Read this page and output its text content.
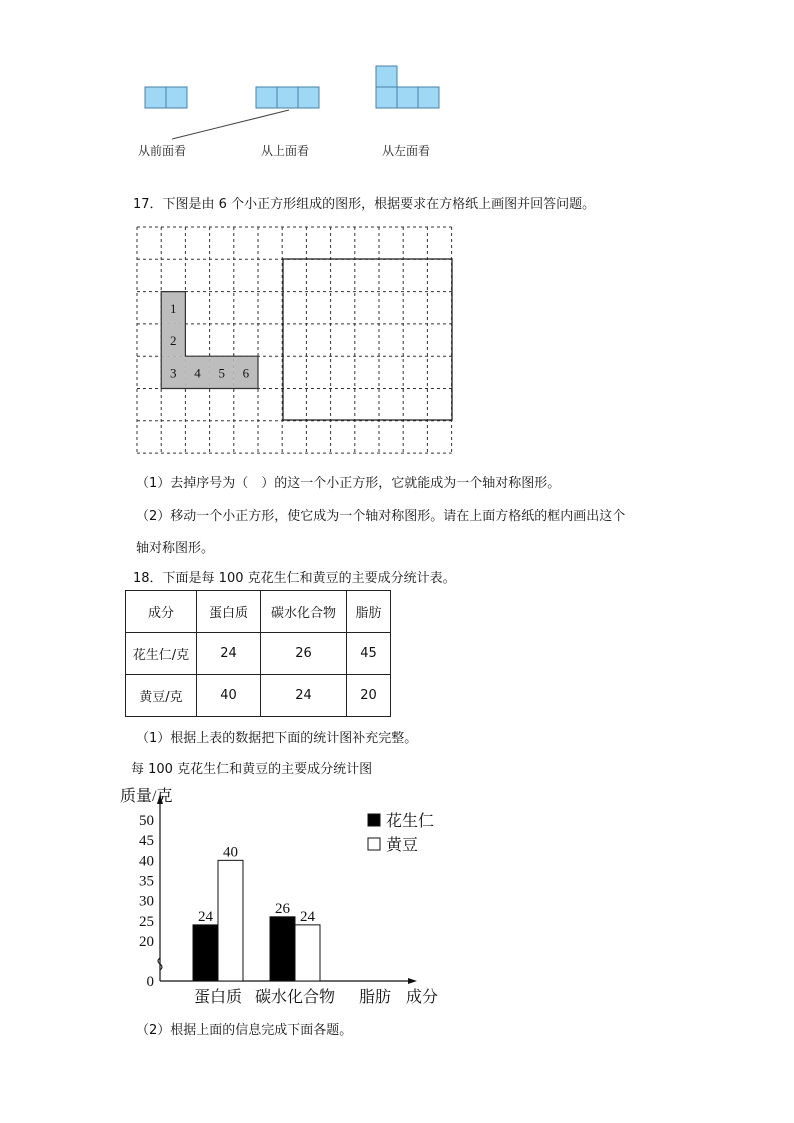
从前面看	从上面看	从左面看
17．下图是由 6 个小正方形组成的图形，根据要求在方格纸上画图并回答问题。
1
2
3 4 5 6
（1）去掉序号为（　）的这一个小正方形，它就能成为一个轴对称图形。
（2）移动一个小正方形，使它成为一个轴对称图形。请在上面方格纸的框内画出这个
轴对称图形。
18．下面是每 100 克花生仁和黄豆的主要成分统计表。
成分	蛋白质	碳水化合物	脂肪
花生仁/克	24	26	45
黄豆/克	40	24	20
（1）根据上表的数据把下面的统计图补充完整。
每 100 克花生仁和黄豆的主要成分统计图
0
20
25
30
35
40
45
50
质量/克
24
40
蛋白质
26
24
碳水化合物 脂肪 成分
花生仁
黄豆
（2）根据上面的信息完成下面各题。
